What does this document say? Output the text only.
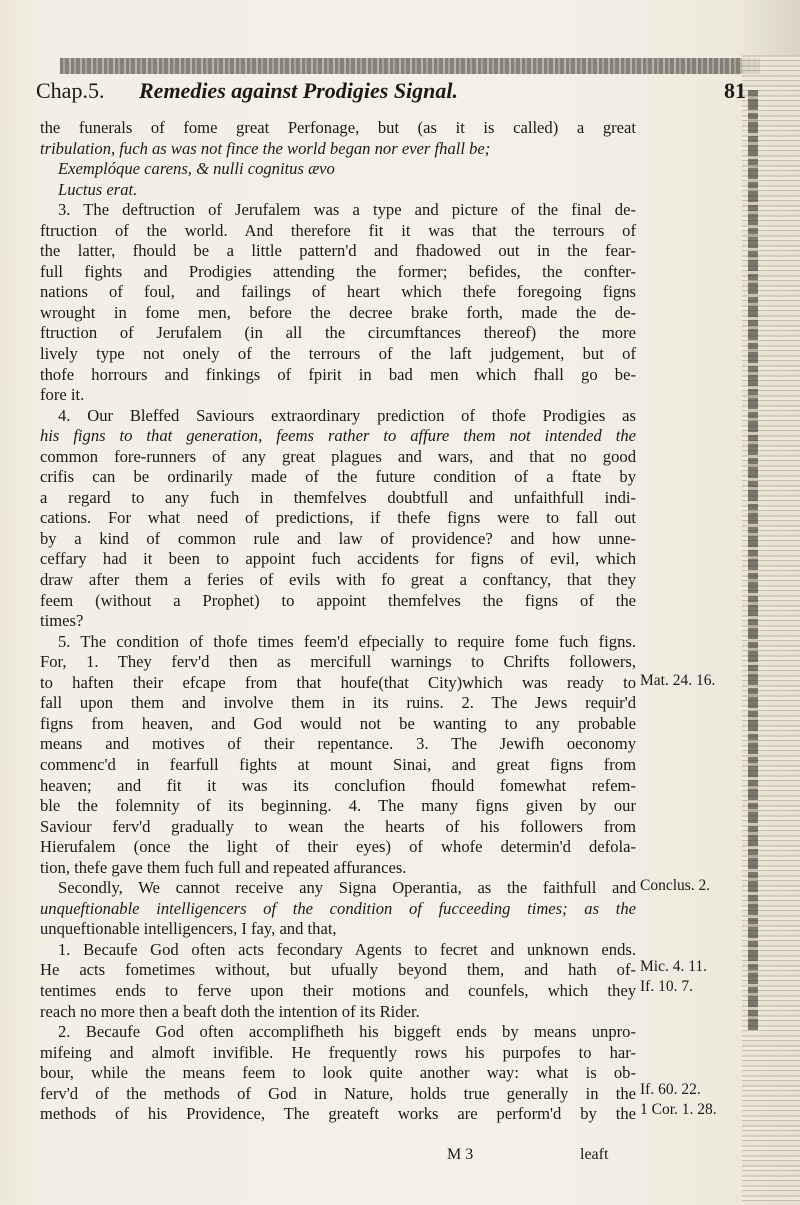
Chap.5. Remedies against Prodigies Signal.	81
the funerals of fome great Perfonage, but (as it is called) a great
tribulation, fuch as was not fince the world began nor ever fhall be;
Exemplóque carens, & nulli cognitus ævo
Luctus erat.
3. The deftruction of Jerufalem was a type and picture of the final de-
ftruction of the world. And therefore fit it was that the terrours of
the latter, fhould be a little pattern'd and fhadowed out in the fear-
full fights and Prodigies attending the former; befides, the confter-
nations of foul, and failings of heart which thefe foregoing figns
wrought in fome men, before the decree brake forth, made the de-
ftruction of Jerufalem (in all the circumftances thereof) the more
lively type not onely of the terrours of the laft judgement, but of
thofe horrours and finkings of fpirit in bad men which fhall go be-
fore it.
4. Our Bleffed Saviours extraordinary prediction of thofe Prodigies as
his figns to that generation, feems rather to affure them not intended the
common fore-runners of any great plagues and wars, and that no good
crifis can be ordinarily made of the future condition of a ftate by
a regard to any fuch in themfelves doubtfull and unfaithfull indi-
cations. For what need of predictions, if thefe figns were to fall out
by a kind of common rule and law of providence? and how unne-
ceffary had it been to appoint fuch accidents for figns of evil, which
draw after them a feries of evils with fo great a conftancy, that they
feem (without a Prophet) to appoint themfelves the figns of the
times?
5. The condition of thofe times feem'd efpecially to require fome fuch figns.
For, 1. They ferv'd then as mercifull warnings to Chrifts followers,
to haften their efcape from that houfe(that City)which was ready to
fall upon them and involve them in its ruins. 2. The Jews requir'd
figns from heaven, and God would not be wanting to any probable
means and motives of their repentance. 3. The Jewifh oeconomy
commenc'd in fearfull fights at mount Sinai, and great figns from
heaven; and fit it was its conclufion fhould fomewhat refem-
ble the folemnity of its beginning. 4. The many figns given by our
Saviour ferv'd gradually to wean the hearts of his followers from
Hierufalem (once the light of their eyes) of whofe determin'd defola-
tion, thefe gave them fuch full and repeated affurances.
Secondly, We cannot receive any Signa Operantia, as the faithfull and
unqueftionable intelligencers of the condition of fucceeding times; as the
unqueftionable intelligencers, I fay, and that,
1. Becaufe God often acts fecondary Agents to fecret and unknown ends.
He acts fometimes without, but ufually beyond them, and hath of-
tentimes ends to ferve upon their motions and counfels, which they
reach no more then a beaft doth the intention of its Rider.
2. Becaufe God often accomplifheth his biggeft ends by means unpro-
mifeing and almoft invifible. He frequently rows his purpofes to har-
bour, while the means feem to look quite another way: what is ob-
ferv'd of the methods of God in Nature, holds true generally in the
methods of his Providence, The greateft works are perform'd by the
Mat. 24. 16.
Conclus. 2.
Mic. 4. 11.
If. 10. 7.
If. 60. 22.
1 Cor. 1. 28.
M 3	leaft
